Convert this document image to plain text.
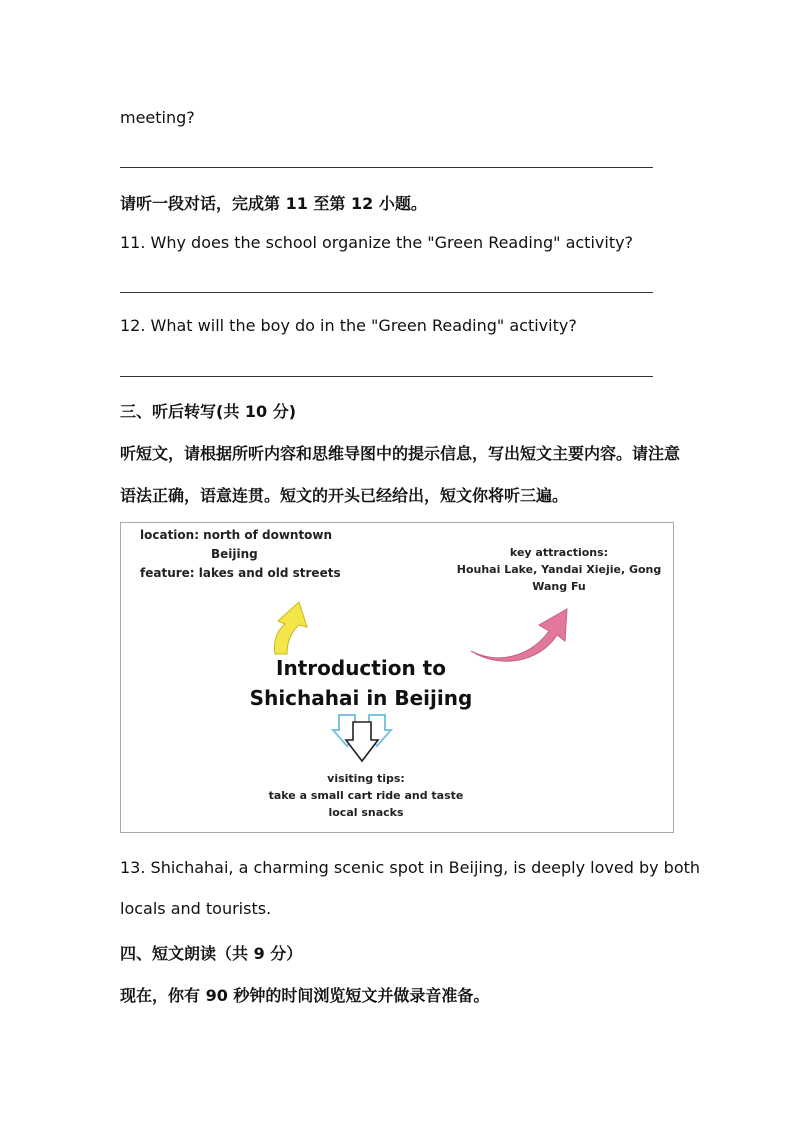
meeting?
请听一段对话，完成第 11 至第 12 小题。
11. Why does the school organize the "Green Reading" activity?
12. What will the boy do in the "Green Reading" activity?
三、听后转写(共 10 分)
听短文，请根据所听内容和思维导图中的提示信息，写出短文主要内容。请注意
语法正确，语意连贯。短文的开头已经给出，短文你将听三遍。
location: north of downtown
Beijing
feature: lakes and old streets
key attractions:
Houhai Lake, Yandai Xiejie, Gong
Wang Fu
Introduction to
Shichahai in Beijing
visiting tips:
take a small cart ride and taste
local snacks
13. Shichahai, a charming scenic spot in Beijing, is deeply loved by both
locals and tourists.
四、短文朗读（共 9 分）
现在，你有 90 秒钟的时间浏览短文并做录音准备。
